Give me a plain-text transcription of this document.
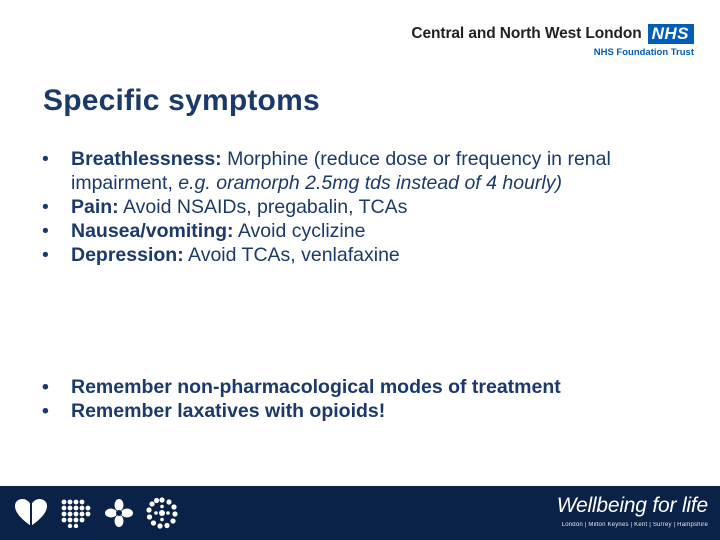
Central and North West London NHS
NHS Foundation Trust
Specific symptoms
• Breathlessness: Morphine (reduce dose or frequency in renal impairment, e.g. oramorph 2.5mg tds instead of 4 hourly)
• Pain: Avoid NSAIDs, pregabalin, TCAs
• Nausea/vomiting: Avoid cyclizine
• Depression: Avoid TCAs, venlafaxine
• Remember non-pharmacological modes of treatment
• Remember laxatives with opioids!
Wellbeing for life
London | Milton Keynes | Kent | Surrey | Hampshire
